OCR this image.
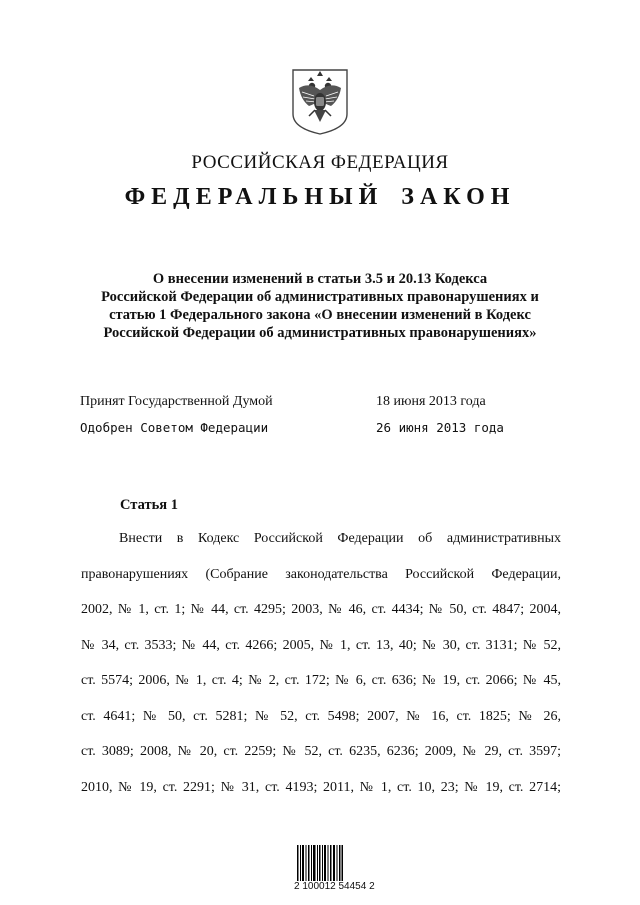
РОССИЙСКАЯ ФЕДЕРАЦИЯ
ФЕДЕРАЛЬНЫЙ ЗАКОН
О внесении изменений в статьи 3.5 и 20.13 Кодекса
Российской Федерации об административных правонарушениях и
статью 1 Федерального закона «О внесении изменений в Кодекс
Российской Федерации об административных правонарушениях»
Принят Государственной Думой	18 июня 2013 года
Одобрен Советом Федерации	26 июня 2013 года
Статья 1
Внести в Кодекс Российской Федерации об административных
правонарушениях (Собрание законодательства Российской Федерации,
2002, № 1, ст. 1; № 44, ст. 4295; 2003, № 46, ст. 4434; № 50, ст. 4847; 2004,
№ 34, ст. 3533; № 44, ст. 4266; 2005, № 1, ст. 13, 40; № 30, ст. 3131; № 52,
ст. 5574; 2006, № 1, ст. 4; № 2, ст. 172; № 6, ст. 636; № 19, ст. 2066; № 45,
ст. 4641; № 50, ст. 5281; № 52, ст. 5498; 2007, № 16, ст. 1825; № 26,
ст. 3089; 2008, № 20, ст. 2259; № 52, ст. 6235, 6236; 2009, № 29, ст. 3597;
2010, № 19, ст. 2291; № 31, ст. 4193; 2011, № 1, ст. 10, 23; № 19, ст. 2714;
2 100012 54454 2
